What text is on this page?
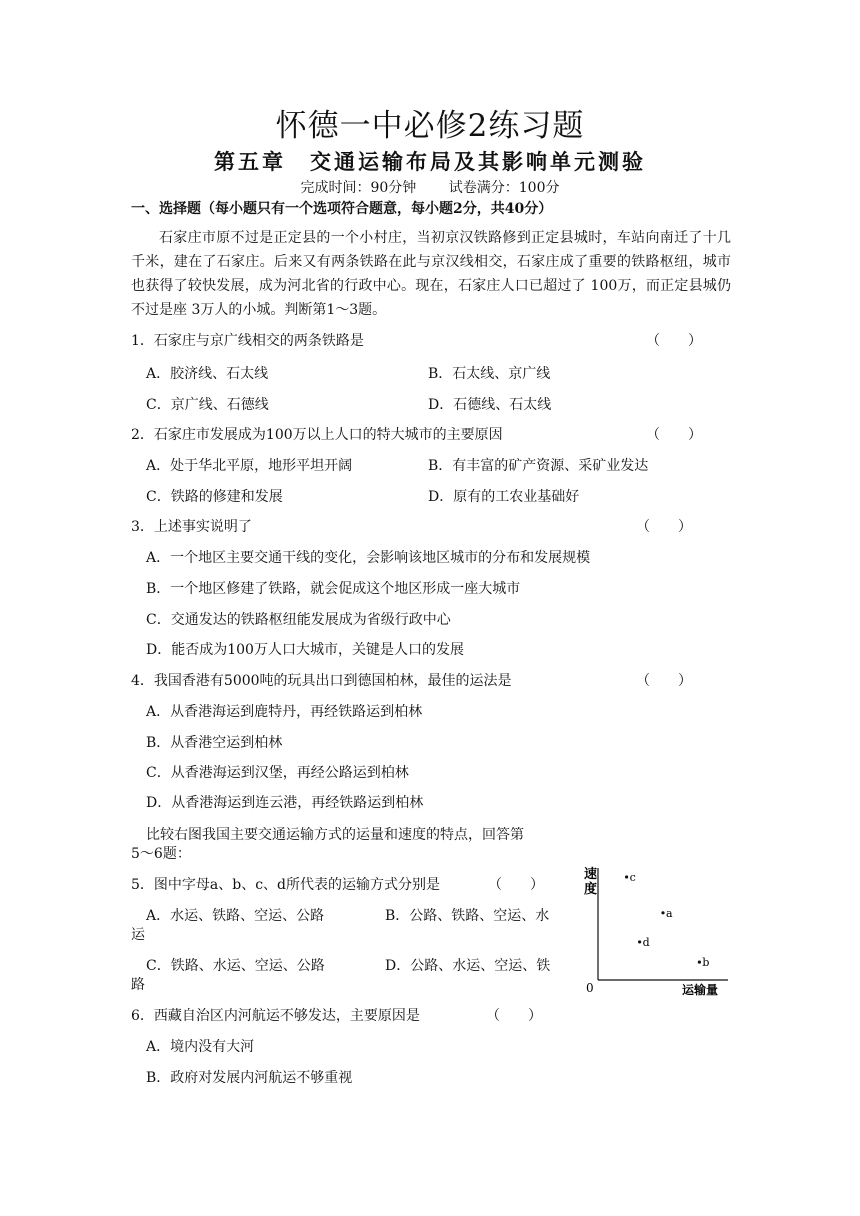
怀德一中必修2练习题
第五章　交通运输布局及其影响单元测验
完成时间：90分钟 试卷满分：100分
一、选择题（每小题只有一个选项符合题意，每小题2分，共40分）
石家庄市原不过是正定县的一个小村庄，当初京汉铁路修到正定县城时，车站向南迁了十几千米，建在了石家庄。后来又有两条铁路在此与京汉线相交，石家庄成了重要的铁路枢纽，城市也获得了较快发展，成为河北省的行政中心。现在，石家庄人口已超过了 100万，而正定县城仍不过是座 3万人的小城。判断第1～3题。
1．石家庄与京广线相交的两条铁路是	（　　）
A．胶济线、石太线	B．石太线、京广线
C．京广线、石德线	D．石德线、石太线
2．石家庄市发展成为100万以上人口的特大城市的主要原因	（　　）
A．处于华北平原，地形平坦开阔	B．有丰富的矿产资源、采矿业发达
C．铁路的修建和发展	D．原有的工农业基础好
3．上述事实说明了	（　　）
A．一个地区主要交通干线的变化，会影响该地区城市的分布和发展规模
B．一个地区修建了铁路，就会促成这个地区形成一座大城市
C．交通发达的铁路枢纽能发展成为省级行政中心
D．能否成为100万人口大城市，关键是人口的发展
4．我国香港有5000吨的玩具出口到德国柏林，最佳的运法是	（　　）
A．从香港海运到鹿特丹，再经铁路运到柏林
B．从香港空运到柏林
C．从香港海运到汉堡，再经公路运到柏林
D．从香港海运到连云港，再经铁路运到柏林
比较右图我国主要交通运输方式的运量和速度的特点，回答第
5～6题：
5．图中字母a、b、c、d所代表的运输方式分别是	（　　）
A．水运、铁路、空运、公路	B．公路、铁路、空运、水
运
C．铁路、水运、空运、公路	D．公路、水运、空运、铁
路
6．西藏自治区内河航运不够发达，主要原因是	（　　）
A．境内没有大河
B．政府对发展内河航运不够重视
速
度
0	运输量
c
a
d
b
